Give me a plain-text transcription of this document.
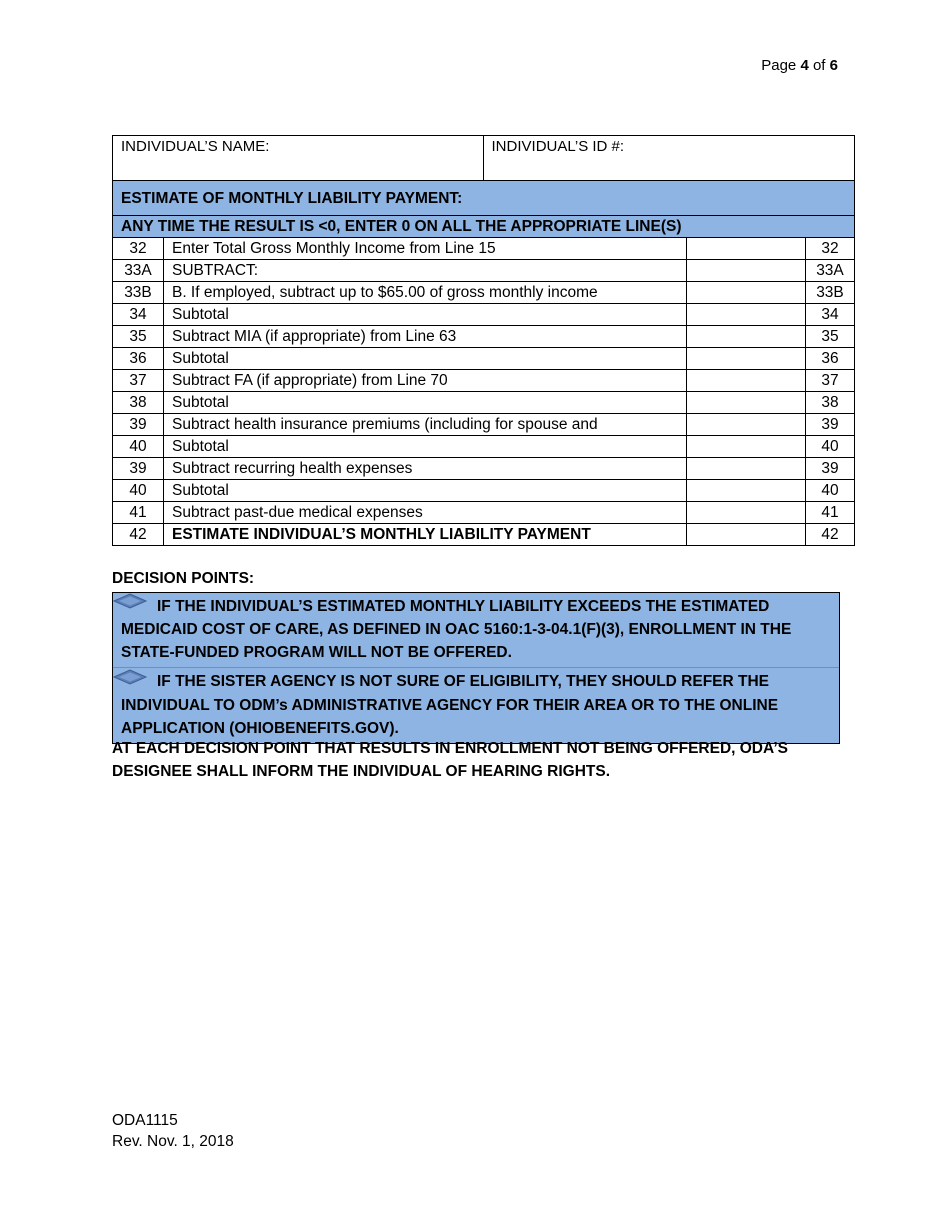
Page 4 of 6
INDIVIDUAL’S NAME:		INDIVIDUAL’S ID #:		
ESTIMATE OF MONTHLY LIABILITY PAYMENT:				
ANY TIME THE RESULT IS <0, ENTER 0 ON ALL THE APPROPRIATE LINE(S)				
32	Enter Total Gross Monthly Income from Line 15			32
33A	SUBTRACT:			33A
33B	B. If employed, subtract up to $65.00 of gross monthly income			33B
34	Subtotal			34
35	Subtract MIA (if appropriate) from Line 63			35
36	Subtotal			36
37	Subtract FA (if appropriate) from Line 70			37
38	Subtotal			38
39	Subtract health insurance premiums (including for spouse and			39
40	Subtotal			40
39	Subtract recurring health expenses			39
40	Subtotal			40
41	Subtract past-due medical expenses			41
42	ESTIMATE INDIVIDUAL’S MONTHLY LIABILITY PAYMENT			42
DECISION POINTS:
IF THE INDIVIDUAL’S ESTIMATED MONTHLY LIABILITY EXCEEDS THE ESTIMATED MEDICAID COST OF CARE, AS DEFINED IN OAC 5160:1-3-04.1(F)(3), ENROLLMENT IN THE STATE-FUNDED PROGRAM WILL NOT BE OFFERED.
IF THE SISTER AGENCY IS NOT SURE OF ELIGIBILITY, THEY SHOULD REFER THE INDIVIDUAL TO ODM’s ADMINISTRATIVE AGENCY FOR THEIR AREA OR TO THE ONLINE APPLICATION (OHIOBENEFITS.GOV).
AT EACH DECISION POINT THAT RESULTS IN ENROLLMENT NOT BEING OFFERED, ODA’S DESIGNEE SHALL INFORM THE INDIVIDUAL OF HEARING RIGHTS.
ODA1115
Rev. Nov. 1, 2018
